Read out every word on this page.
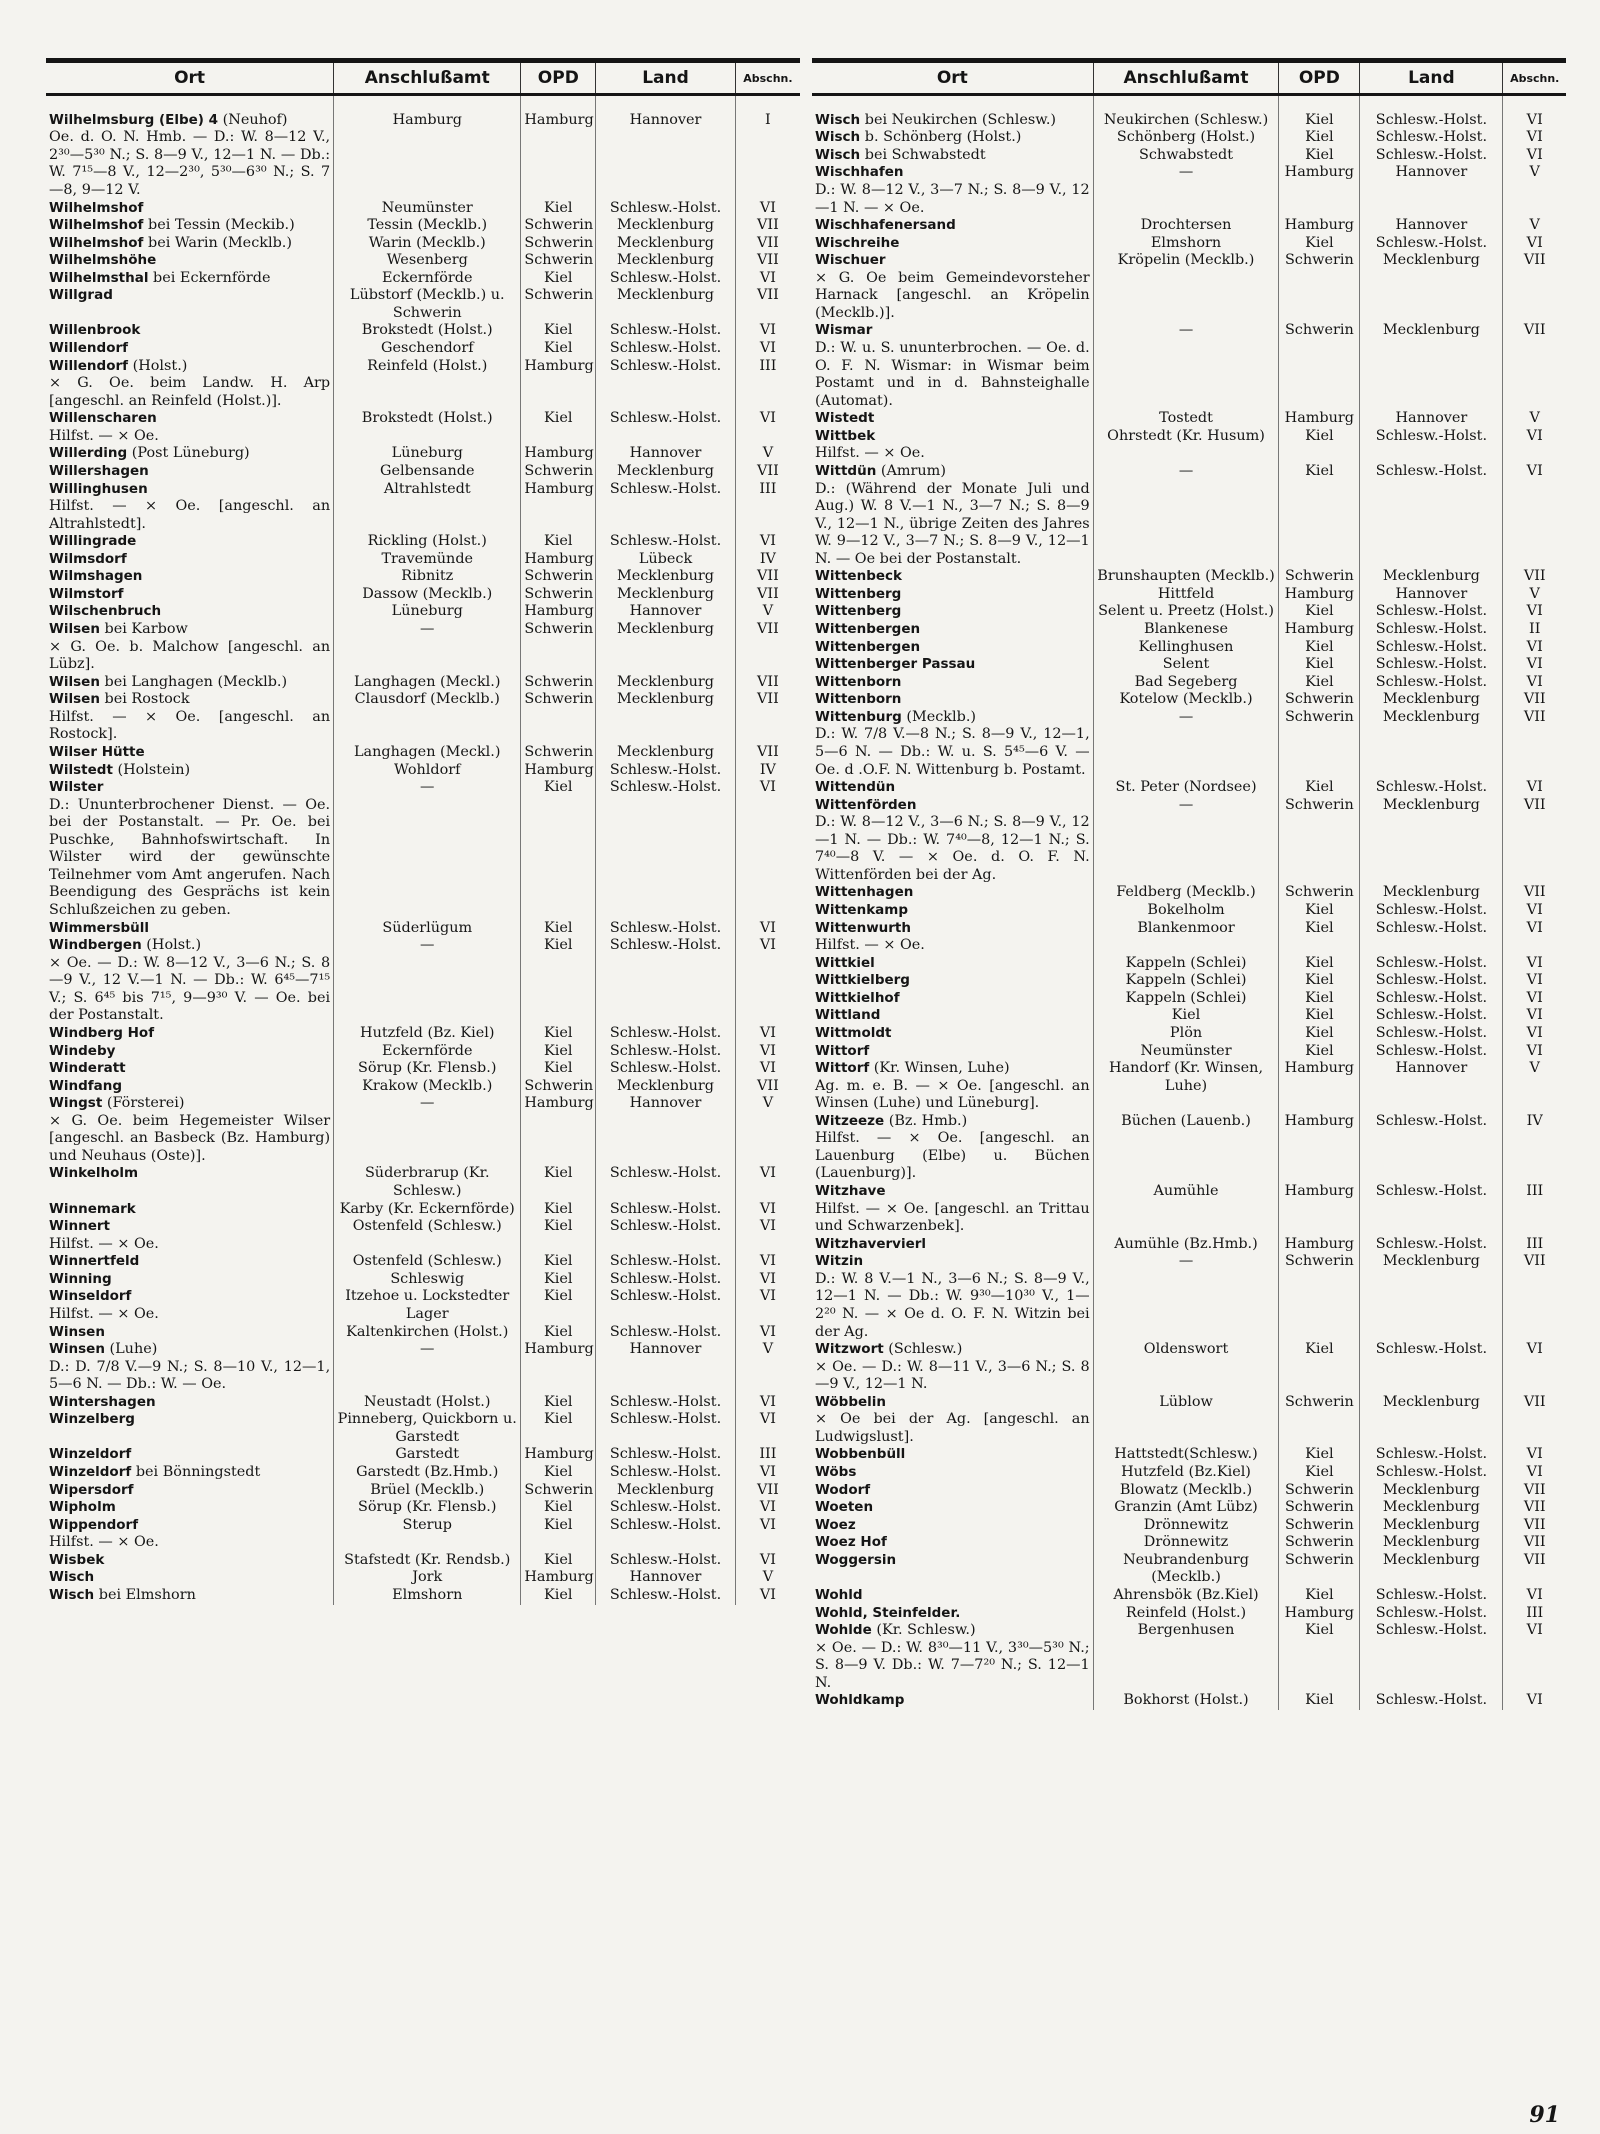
Ort	Anschlußamt	OPD	Land	Abschn.
Wilhelmsburg (Elbe) 4 (Neuhof)
Oe. d. O. N. Hmb. — D.: W. 8—12 V., 2³⁰—5³⁰ N.; S. 8—9 V., 12—1 N. — Db.: W. 7¹⁵—8 V., 12—2³⁰, 5³⁰—6³⁰ N.; S. 7—8, 9—12 V.	Hamburg	Hamburg	Hannover	I
Wilhelmshof	Neumünster	Kiel	Schlesw.-Holst.	VI
Wilhelmshof bei Tessin (Meckib.)	Tessin (Mecklb.)	Schwerin	Mecklenburg	VII
Wilhelmshof bei Warin (Mecklb.)	Warin (Mecklb.)	Schwerin	Mecklenburg	VII
Wilhelmshöhe	Wesenberg	Schwerin	Mecklenburg	VII
Wilhelmsthal bei Eckernförde	Eckernförde	Kiel	Schlesw.-Holst.	VI
Willgrad	Lübstorf (Mecklb.) u. Schwerin	Schwerin	Mecklenburg	VII
Willenbrook	Brokstedt (Holst.)	Kiel	Schlesw.-Holst.	VI
Willendorf	Geschendorf	Kiel	Schlesw.-Holst.	VI
Willendorf (Holst.)
× G. Oe. beim Landw. H. Arp [angeschl. an Reinfeld (Holst.)].	Reinfeld (Holst.)	Hamburg	Schlesw.-Holst.	III
Willenscharen
Hilfst. — × Oe.	Brokstedt (Holst.)	Kiel	Schlesw.-Holst.	VI
Willerding (Post Lüneburg)	Lüneburg	Hamburg	Hannover	V
Willershagen	Gelbensande	Schwerin	Mecklenburg	VII
Willinghusen
Hilfst. — × Oe. [angeschl. an Altrahlstedt].	Altrahlstedt	Hamburg	Schlesw.-Holst.	III
Willingrade	Rickling (Holst.)	Kiel	Schlesw.-Holst.	VI
Wilmsdorf	Travemünde	Hamburg	Lübeck	IV
Wilmshagen	Ribnitz	Schwerin	Mecklenburg	VII
Wilmstorf	Dassow (Mecklb.)	Schwerin	Mecklenburg	VII
Wilschenbruch	Lüneburg	Hamburg	Hannover	V
Wilsen bei Karbow
× G. Oe. b. Malchow [angeschl. an Lübz].	—	Schwerin	Mecklenburg	VII
Wilsen bei Langhagen (Mecklb.)	Langhagen (Meckl.)	Schwerin	Mecklenburg	VII
Wilsen bei Rostock
Hilfst. — × Oe. [angeschl. an Rostock].	Clausdorf (Mecklb.)	Schwerin	Mecklenburg	VII
Wilser Hütte	Langhagen (Meckl.)	Schwerin	Mecklenburg	VII
Wilstedt (Holstein)	Wohldorf	Hamburg	Schlesw.-Holst.	IV
Wilster
D.: Ununterbrochener Dienst. — Oe. bei der Postanstalt. — Pr. Oe. bei Puschke, Bahnhofswirtschaft. In Wilster wird der gewünschte Teilnehmer vom Amt angerufen. Nach Beendigung des Gesprächs ist kein Schlußzeichen zu geben.	—	Kiel	Schlesw.-Holst.	VI
Wimmersbüll	Süderlügum	Kiel	Schlesw.-Holst.	VI
Windbergen (Holst.)
× Oe. — D.: W. 8—12 V., 3—6 N.; S. 8—9 V., 12 V.—1 N. — Db.: W. 6⁴⁵—7¹⁵ V.; S. 6⁴⁵ bis 7¹⁵, 9—9³⁰ V. — Oe. bei der Postanstalt.	—	Kiel	Schlesw.-Holst.	VI
Windberg Hof	Hutzfeld (Bz. Kiel)	Kiel	Schlesw.-Holst.	VI
Windeby	Eckernförde	Kiel	Schlesw.-Holst.	VI
Winderatt	Sörup (Kr. Flensb.)	Kiel	Schlesw.-Holst.	VI
Windfang	Krakow (Mecklb.)	Schwerin	Mecklenburg	VII
Wingst (Försterei)
× G. Oe. beim Hegemeister Wilser [angeschl. an Basbeck (Bz. Hamburg) und Neuhaus (Oste)].	—	Hamburg	Hannover	V
Winkelholm	Süderbrarup (Kr. Schlesw.)	Kiel	Schlesw.-Holst.	VI
Winnemark	Karby (Kr. Eckernförde)	Kiel	Schlesw.-Holst.	VI
Winnert
Hilfst. — × Oe.	Ostenfeld (Schlesw.)	Kiel	Schlesw.-Holst.	VI
Winnertfeld	Ostenfeld (Schlesw.)	Kiel	Schlesw.-Holst.	VI
Winning	Schleswig	Kiel	Schlesw.-Holst.	VI
Winseldorf
Hilfst. — × Oe.	Itzehoe u. Lockstedter Lager	Kiel	Schlesw.-Holst.	VI
Winsen	Kaltenkirchen (Holst.)	Kiel	Schlesw.-Holst.	VI
Winsen (Luhe)
D.: D. 7/8 V.—9 N.; S. 8—10 V., 12—1, 5—6 N. — Db.: W. — Oe.	—	Hamburg	Hannover	V
Wintershagen	Neustadt (Holst.)	Kiel	Schlesw.-Holst.	VI
Winzelberg	Pinneberg, Quickborn u. Garstedt	Kiel	Schlesw.-Holst.	VI
Winzeldorf	Garstedt	Hamburg	Schlesw.-Holst.	III
Winzeldorf bei Bönningstedt	Garstedt (Bz.Hmb.)	Kiel	Schlesw.-Holst.	VI
Wipersdorf	Brüel (Mecklb.)	Schwerin	Mecklenburg	VII
Wipholm	Sörup (Kr. Flensb.)	Kiel	Schlesw.-Holst.	VI
Wippendorf
Hilfst. — × Oe.	Sterup	Kiel	Schlesw.-Holst.	VI
Wisbek	Stafstedt (Kr. Rendsb.)	Kiel	Schlesw.-Holst.	VI
Wisch	Jork	Hamburg	Hannover	V
Wisch bei Elmshorn	Elmshorn	Kiel	Schlesw.-Holst.	VI
Ort	Anschlußamt	OPD	Land	Abschn.
Wisch bei Neukirchen (Schlesw.)	Neukirchen (Schlesw.)	Kiel	Schlesw.-Holst.	VI
Wisch b. Schönberg (Holst.)	Schönberg (Holst.)	Kiel	Schlesw.-Holst.	VI
Wisch bei Schwabstedt	Schwabstedt	Kiel	Schlesw.-Holst.	VI
Wischhafen
D.: W. 8—12 V., 3—7 N.; S. 8—9 V., 12—1 N. — × Oe.	—	Hamburg	Hannover	V
Wischhafenersand	Drochtersen	Hamburg	Hannover	V
Wischreihe	Elmshorn	Kiel	Schlesw.-Holst.	VI
Wischuer
× G. Oe beim Gemeindevorsteher Harnack [angeschl. an Kröpelin (Mecklb.)].	Kröpelin (Mecklb.)	Schwerin	Mecklenburg	VII
Wismar
D.: W. u. S. ununterbrochen. — Oe. d. O. F. N. Wismar: in Wismar beim Postamt und in d. Bahnsteighalle (Automat).	—	Schwerin	Mecklenburg	VII
Wistedt	Tostedt	Hamburg	Hannover	V
Wittbek
Hilfst. — × Oe.	Ohrstedt (Kr. Husum)	Kiel	Schlesw.-Holst.	VI
Wittdün (Amrum)
D.: (Während der Monate Juli und Aug.) W. 8 V.—1 N., 3—7 N.; S. 8—9 V., 12—1 N., übrige Zeiten des Jahres W. 9—12 V., 3—7 N.; S. 8—9 V., 12—1 N. — Oe bei der Postanstalt.	—	Kiel	Schlesw.-Holst.	VI
Wittenbeck	Brunshaupten (Mecklb.)	Schwerin	Mecklenburg	VII
Wittenberg	Hittfeld	Hamburg	Hannover	V
Wittenberg	Selent u. Preetz (Holst.)	Kiel	Schlesw.-Holst.	VI
Wittenbergen	Blankenese	Hamburg	Schlesw.-Holst.	II
Wittenbergen	Kellinghusen	Kiel	Schlesw.-Holst.	VI
Wittenberger Passau	Selent	Kiel	Schlesw.-Holst.	VI
Wittenborn	Bad Segeberg	Kiel	Schlesw.-Holst.	VI
Wittenborn	Kotelow (Mecklb.)	Schwerin	Mecklenburg	VII
Wittenburg (Mecklb.)
D.: W. 7/8 V.—8 N.; S. 8—9 V., 12—1, 5—6 N. — Db.: W. u. S. 5⁴⁵—6 V. — Oe. d .O.F. N. Wittenburg b. Postamt.	—	Schwerin	Mecklenburg	VII
Wittendün	St. Peter (Nordsee)	Kiel	Schlesw.-Holst.	VI
Wittenförden
D.: W. 8—12 V., 3—6 N.; S. 8—9 V., 12—1 N. — Db.: W. 7⁴⁰—8, 12—1 N.; S. 7⁴⁰—8 V. — × Oe. d. O. F. N. Wittenförden bei der Ag.	—	Schwerin	Mecklenburg	VII
Wittenhagen	Feldberg (Mecklb.)	Schwerin	Mecklenburg	VII
Wittenkamp	Bokelholm	Kiel	Schlesw.-Holst.	VI
Wittenwurth
Hilfst. — × Oe.	Blankenmoor	Kiel	Schlesw.-Holst.	VI
Wittkiel	Kappeln (Schlei)	Kiel	Schlesw.-Holst.	VI
Wittkielberg	Kappeln (Schlei)	Kiel	Schlesw.-Holst.	VI
Wittkielhof	Kappeln (Schlei)	Kiel	Schlesw.-Holst.	VI
Wittland	Kiel	Kiel	Schlesw.-Holst.	VI
Wittmoldt	Plön	Kiel	Schlesw.-Holst.	VI
Wittorf	Neumünster	Kiel	Schlesw.-Holst.	VI
Wittorf (Kr. Winsen, Luhe)
Ag. m. e. B. — × Oe. [angeschl. an Winsen (Luhe) und Lüneburg].	Handorf (Kr. Winsen, Luhe)	Hamburg	Hannover	V
Witzeeze (Bz. Hmb.)
Hilfst. — × Oe. [angeschl. an Lauenburg (Elbe) u. Büchen (Lauenburg)].	Büchen (Lauenb.)	Hamburg	Schlesw.-Holst.	IV
Witzhave
Hilfst. — × Oe. [angeschl. an Trittau und Schwarzenbek].	Aumühle	Hamburg	Schlesw.-Holst.	III
Witzhavervierl	Aumühle (Bz.Hmb.)	Hamburg	Schlesw.-Holst.	III
Witzin
D.: W. 8 V.—1 N., 3—6 N.; S. 8—9 V., 12—1 N. — Db.: W. 9³⁰—10³⁰ V., 1—2²⁰ N. — × Oe d. O. F. N. Witzin bei der Ag.	—	Schwerin	Mecklenburg	VII
Witzwort (Schlesw.)
× Oe. — D.: W. 8—11 V., 3—6 N.; S. 8—9 V., 12—1 N.	Oldenswort	Kiel	Schlesw.-Holst.	VI
Wöbbelin
× Oe bei der Ag. [angeschl. an Ludwigslust].	Lüblow	Schwerin	Mecklenburg	VII
Wobbenbüll	Hattstedt(Schlesw.)	Kiel	Schlesw.-Holst.	VI
Wöbs	Hutzfeld (Bz.Kiel)	Kiel	Schlesw.-Holst.	VI
Wodorf	Blowatz (Mecklb.)	Schwerin	Mecklenburg	VII
Woeten	Granzin (Amt Lübz)	Schwerin	Mecklenburg	VII
Woez	Drönnewitz	Schwerin	Mecklenburg	VII
Woez Hof	Drönnewitz	Schwerin	Mecklenburg	VII
Woggersin	Neubrandenburg (Mecklb.)	Schwerin	Mecklenburg	VII
Wohld	Ahrensbök (Bz.Kiel)	Kiel	Schlesw.-Holst.	VI
Wohld, Steinfelder.	Reinfeld (Holst.)	Hamburg	Schlesw.-Holst.	III
Wohlde (Kr. Schlesw.)
× Oe. — D.: W. 8³⁰—11 V., 3³⁰—5³⁰ N.; S. 8—9 V. Db.: W. 7—7²⁰ N.; S. 12—1 N.	Bergenhusen	Kiel	Schlesw.-Holst.	VI
Wohldkamp	Bokhorst (Holst.)	Kiel	Schlesw.-Holst.	VI
91
